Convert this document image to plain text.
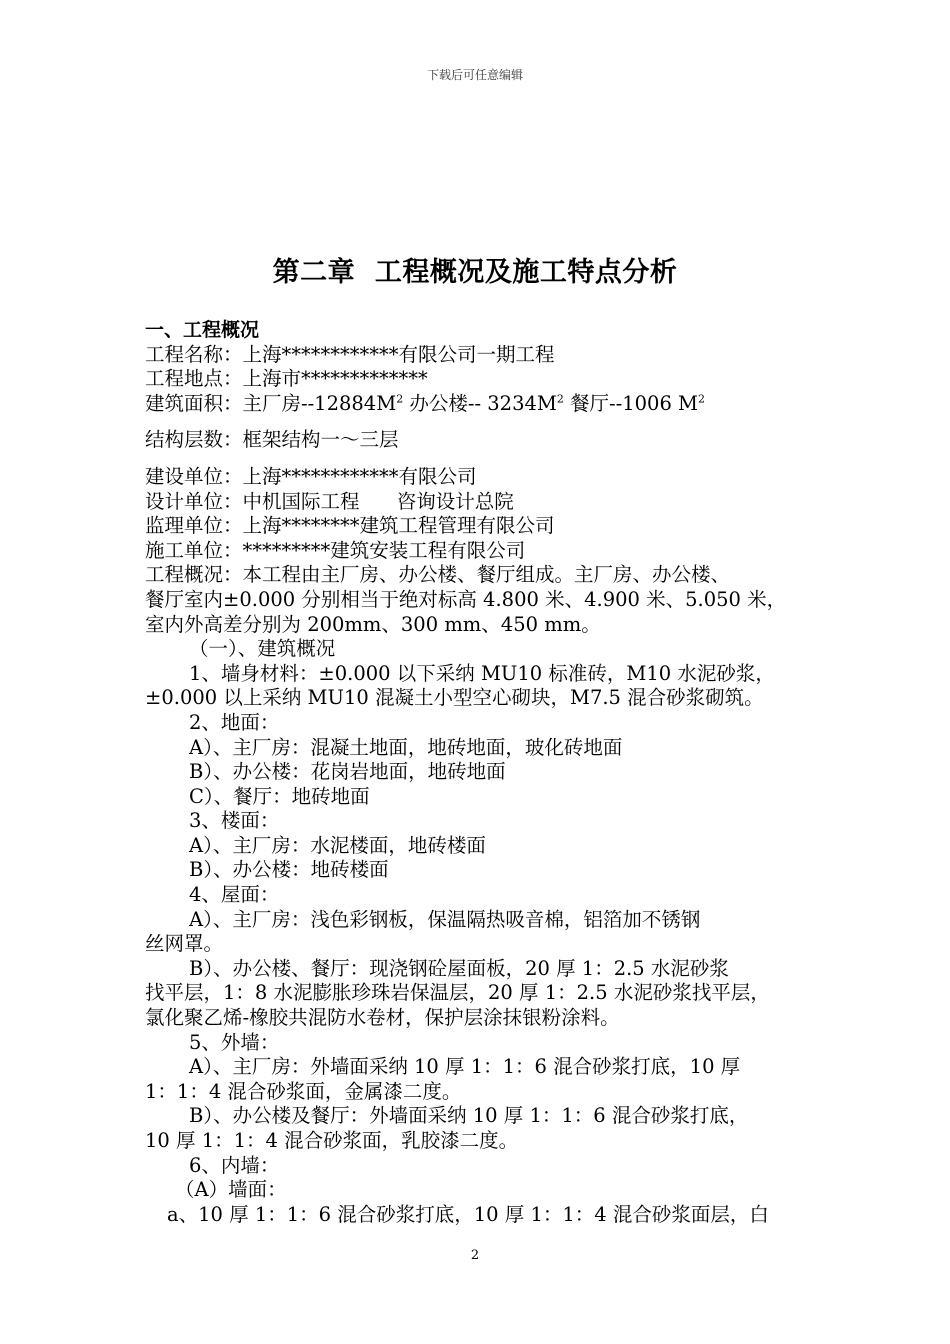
下载后可任意编辑
第二章  工程概况及施工特点分析
一、工程概况
工程名称：上海************有限公司一期工程
工程地点：上海市*************
建筑面积：主厂房$--12884M^2$ 办公楼-- $3234M^2$ 餐厅--1006 $M^2$
结构层数：框架结构一～三层
建设单位：上海************有限公司
设计单位：中机国际工程      咨询设计总院
监理单位：上海********建筑工程管理有限公司
施工单位：*********建筑安装工程有限公司
工程概况：本工程由主厂房、办公楼、餐厅组成。主厂房、办公楼、
餐厅室内±0.000 分别相当于绝对标高 4.800 米、4.900 米、5.050 米，
室内外高差分别为 200mm、300 mm、450 mm。
（一）、建筑概况
1、墙身材料：±0.000 以下采纳 MU10 标准砖，M10 水泥砂浆，
±0.000 以上采纳 MU10 混凝土小型空心砌块，M7.5 混合砂浆砌筑。
2、地面：
A）、主厂房：混凝土地面，地砖地面，玻化砖地面
B）、办公楼：花岗岩地面，地砖地面
C）、餐厅：地砖地面
3、楼面：
A）、主厂房：水泥楼面，地砖楼面
B）、办公楼：地砖楼面
4、屋面：
A）、主厂房：浅色彩钢板，保温隔热吸音棉，铝箔加不锈钢
丝网罩。
B）、办公楼、餐厅：现浇钢砼屋面板，20 厚 1：2.5 水泥砂浆
找平层，1：8 水泥膨胀珍珠岩保温层，20 厚 1：2.5 水泥砂浆找平层，
氯化聚乙烯-橡胶共混防水卷材，保护层涂抹银粉涂料。
5、外墙：
A）、主厂房：外墙面采纳 10 厚 1：1：6 混合砂浆打底，10 厚
1：1：4 混合砂浆面，金属漆二度。
B）、办公楼及餐厅：外墙面采纳 10 厚 1：1：6 混合砂浆打底，
10 厚 1：1：4 混合砂浆面，乳胶漆二度。
6、内墙：
（A）墙面：
a、10 厚 1：1：6 混合砂浆打底，10 厚 1：1：4 混合砂浆面层，白
2
